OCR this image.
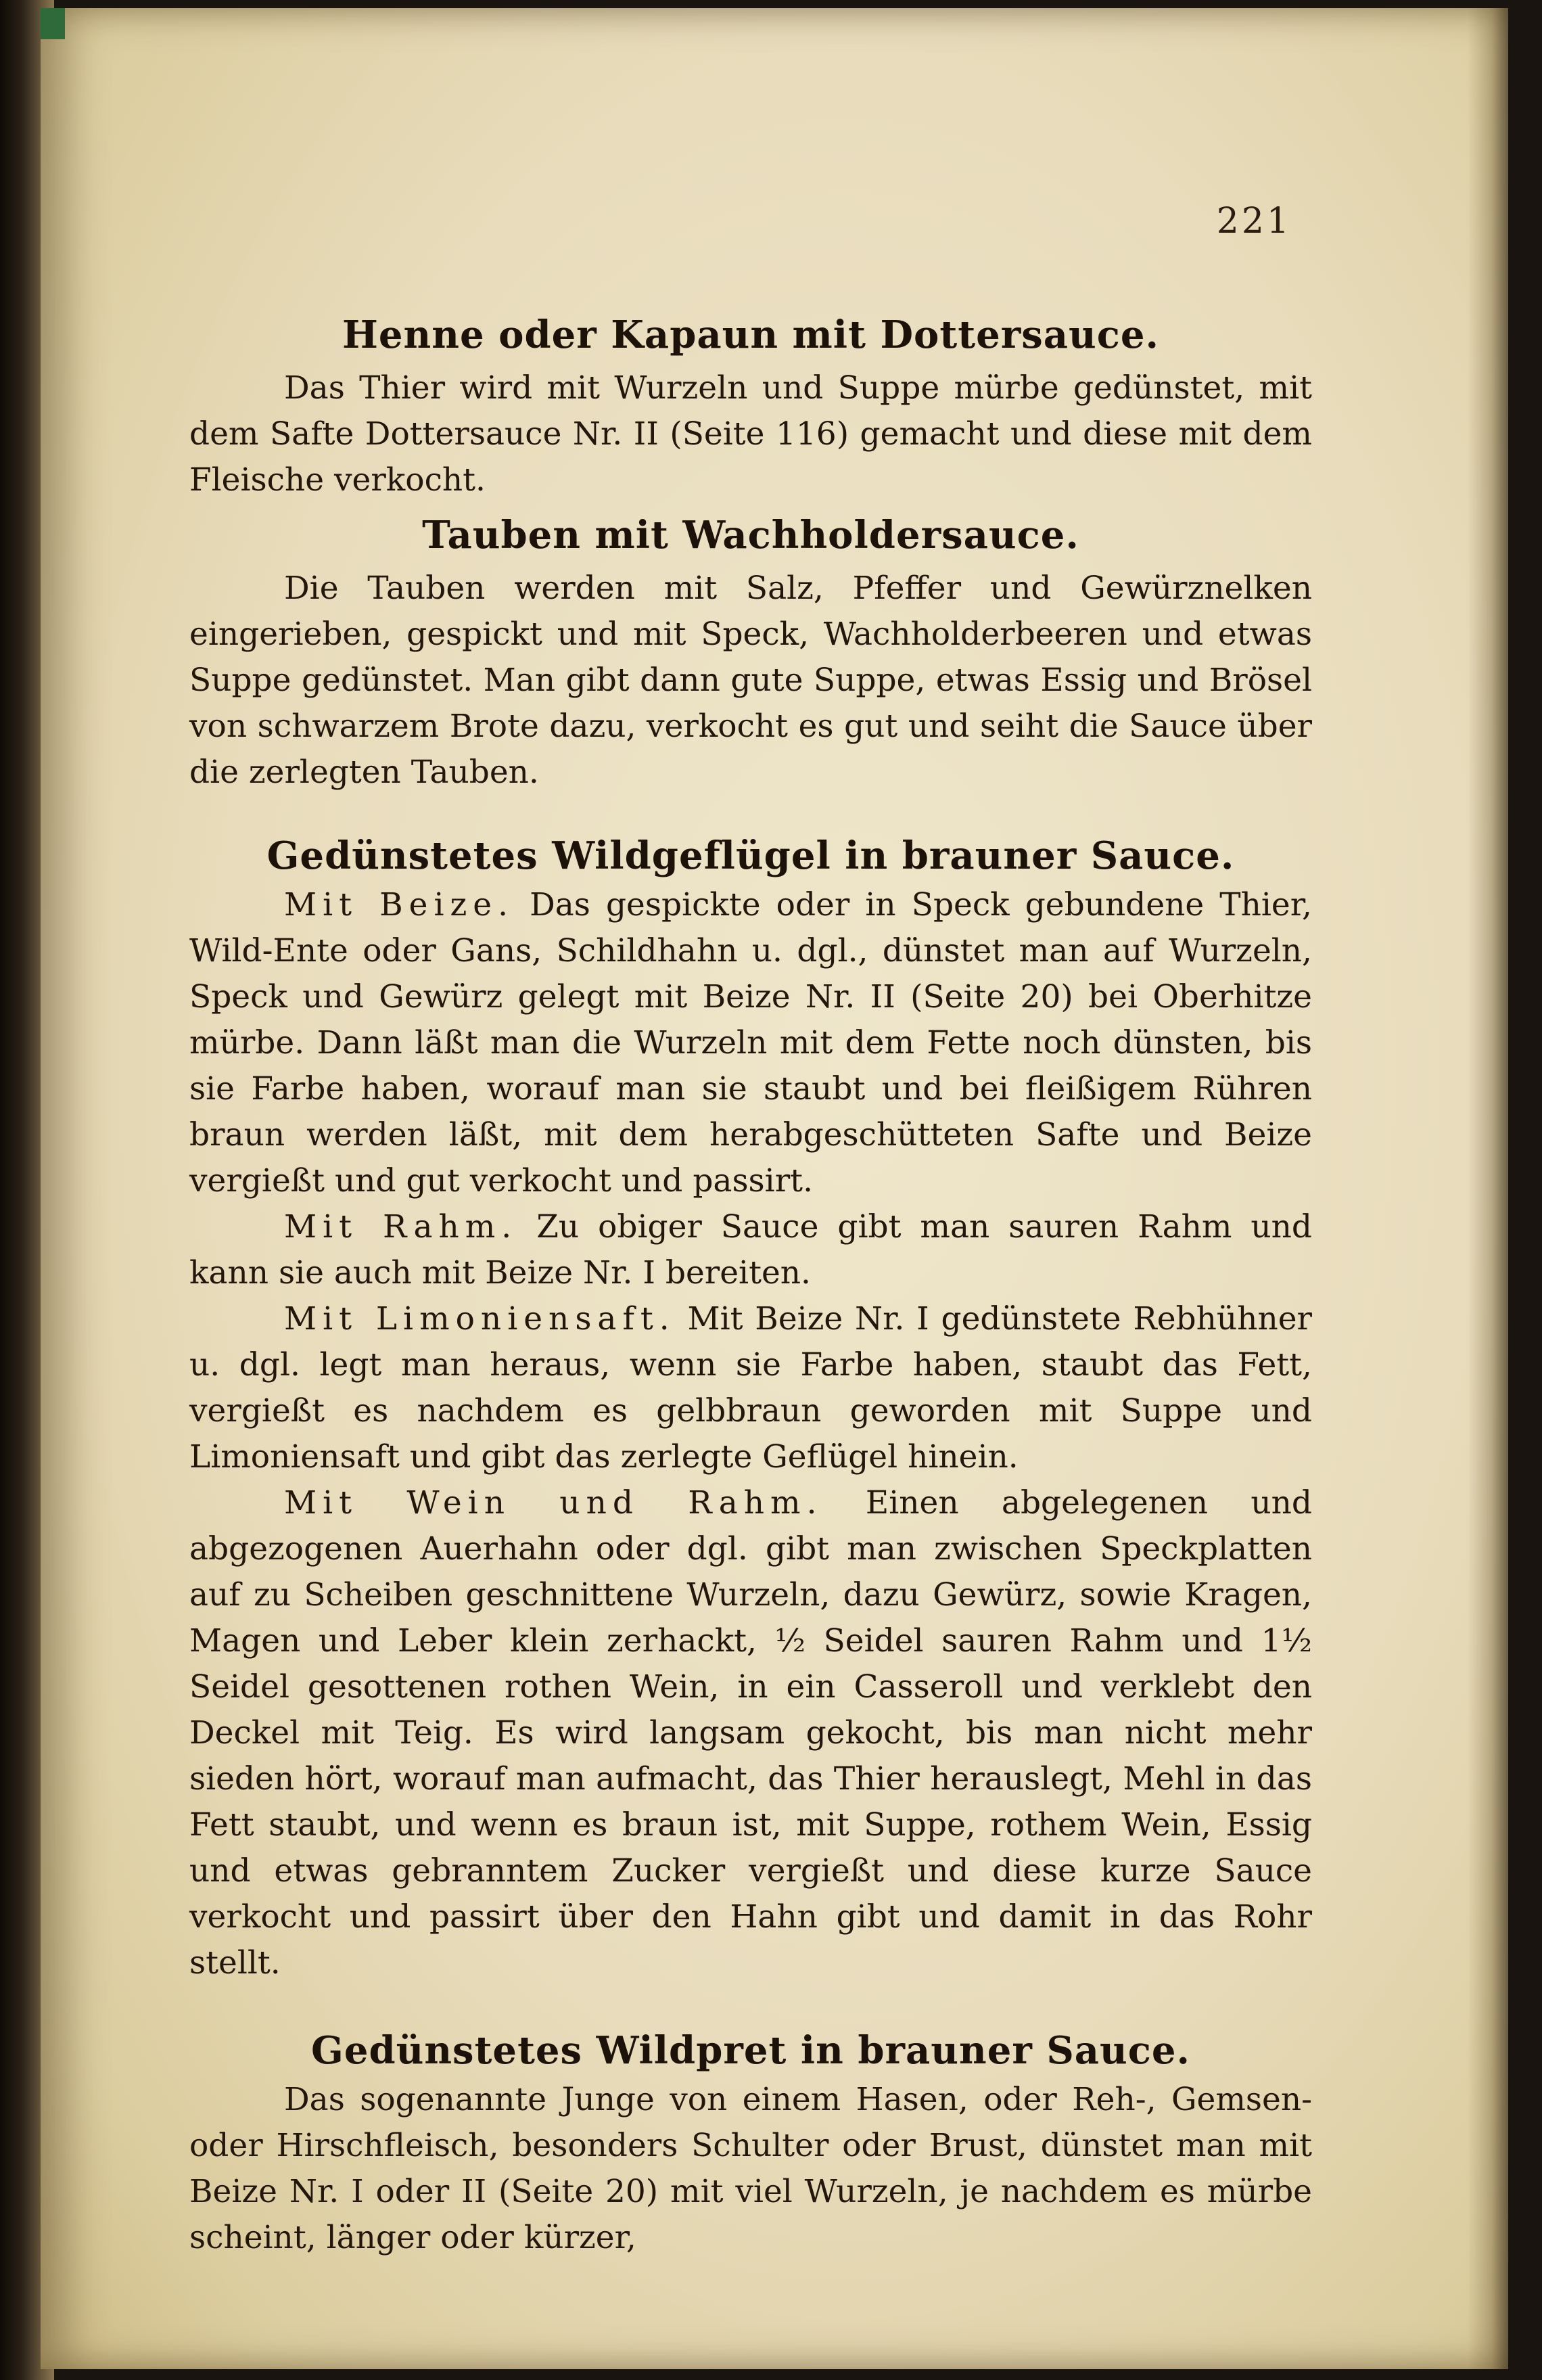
221
Henne oder Kapaun mit Dottersauce.

Das Thier wird mit Wurzeln und Suppe mürbe gedünstet, mit dem Safte Dottersauce Nr. II (Seite 116) gemacht und diese mit dem Fleische verkocht.

Tauben mit Wachholdersauce.

Die Tauben werden mit Salz, Pfeffer und Gewürznelken eingerieben, gespickt und mit Speck, Wachholderbeeren und etwas Suppe gedünstet. Man gibt dann gute Suppe, etwas Essig und Brösel von schwarzem Brote dazu, verkocht es gut und seiht die Sauce über die zerlegten Tauben.

Gedünstetes Wildgeflügel in brauner Sauce.

Mit Beize. Das gespickte oder in Speck gebundene Thier, Wild-Ente oder Gans, Schildhahn u. dgl., dünstet man auf Wurzeln, Speck und Gewürz gelegt mit Beize Nr. II (Seite 20) bei Oberhitze mürbe. Dann läßt man die Wurzeln mit dem Fette noch dünsten, bis sie Farbe haben, worauf man sie staubt und bei fleißigem Rühren braun werden läßt, mit dem herabgeschütteten Safte und Beize vergießt und gut verkocht und passirt.

Mit Rahm. Zu obiger Sauce gibt man sauren Rahm und kann sie auch mit Beize Nr. I bereiten.

Mit Limoniensaft. Mit Beize Nr. I gedünstete Rebhühner u. dgl. legt man heraus, wenn sie Farbe haben, staubt das Fett, vergießt es nachdem es gelbbraun geworden mit Suppe und Limoniensaft und gibt das zerlegte Geflügel hinein.

Mit Wein und Rahm. Einen abgelegenen und abgezogenen Auerhahn oder dgl. gibt man zwischen Speckplatten auf zu Scheiben geschnittene Wurzeln, dazu Gewürz, sowie Kragen, Magen und Leber klein zerhackt, ½ Seidel sauren Rahm und 1½ Seidel gesottenen rothen Wein, in ein Casseroll und verklebt den Deckel mit Teig. Es wird langsam gekocht, bis man nicht mehr sieden hört, worauf man aufmacht, das Thier herauslegt, Mehl in das Fett staubt, und wenn es braun ist, mit Suppe, rothem Wein, Essig und etwas gebranntem Zucker vergießt und diese kurze Sauce verkocht und passirt über den Hahn gibt und damit in das Rohr stellt.

Gedünstetes Wildpret in brauner Sauce.

Das sogenannte Junge von einem Hasen, oder Reh-, Gemsen- oder Hirschfleisch, besonders Schulter oder Brust, dünstet man mit Beize Nr. I oder II (Seite 20) mit viel Wurzeln, je nachdem es mürbe scheint, länger oder kürzer,
